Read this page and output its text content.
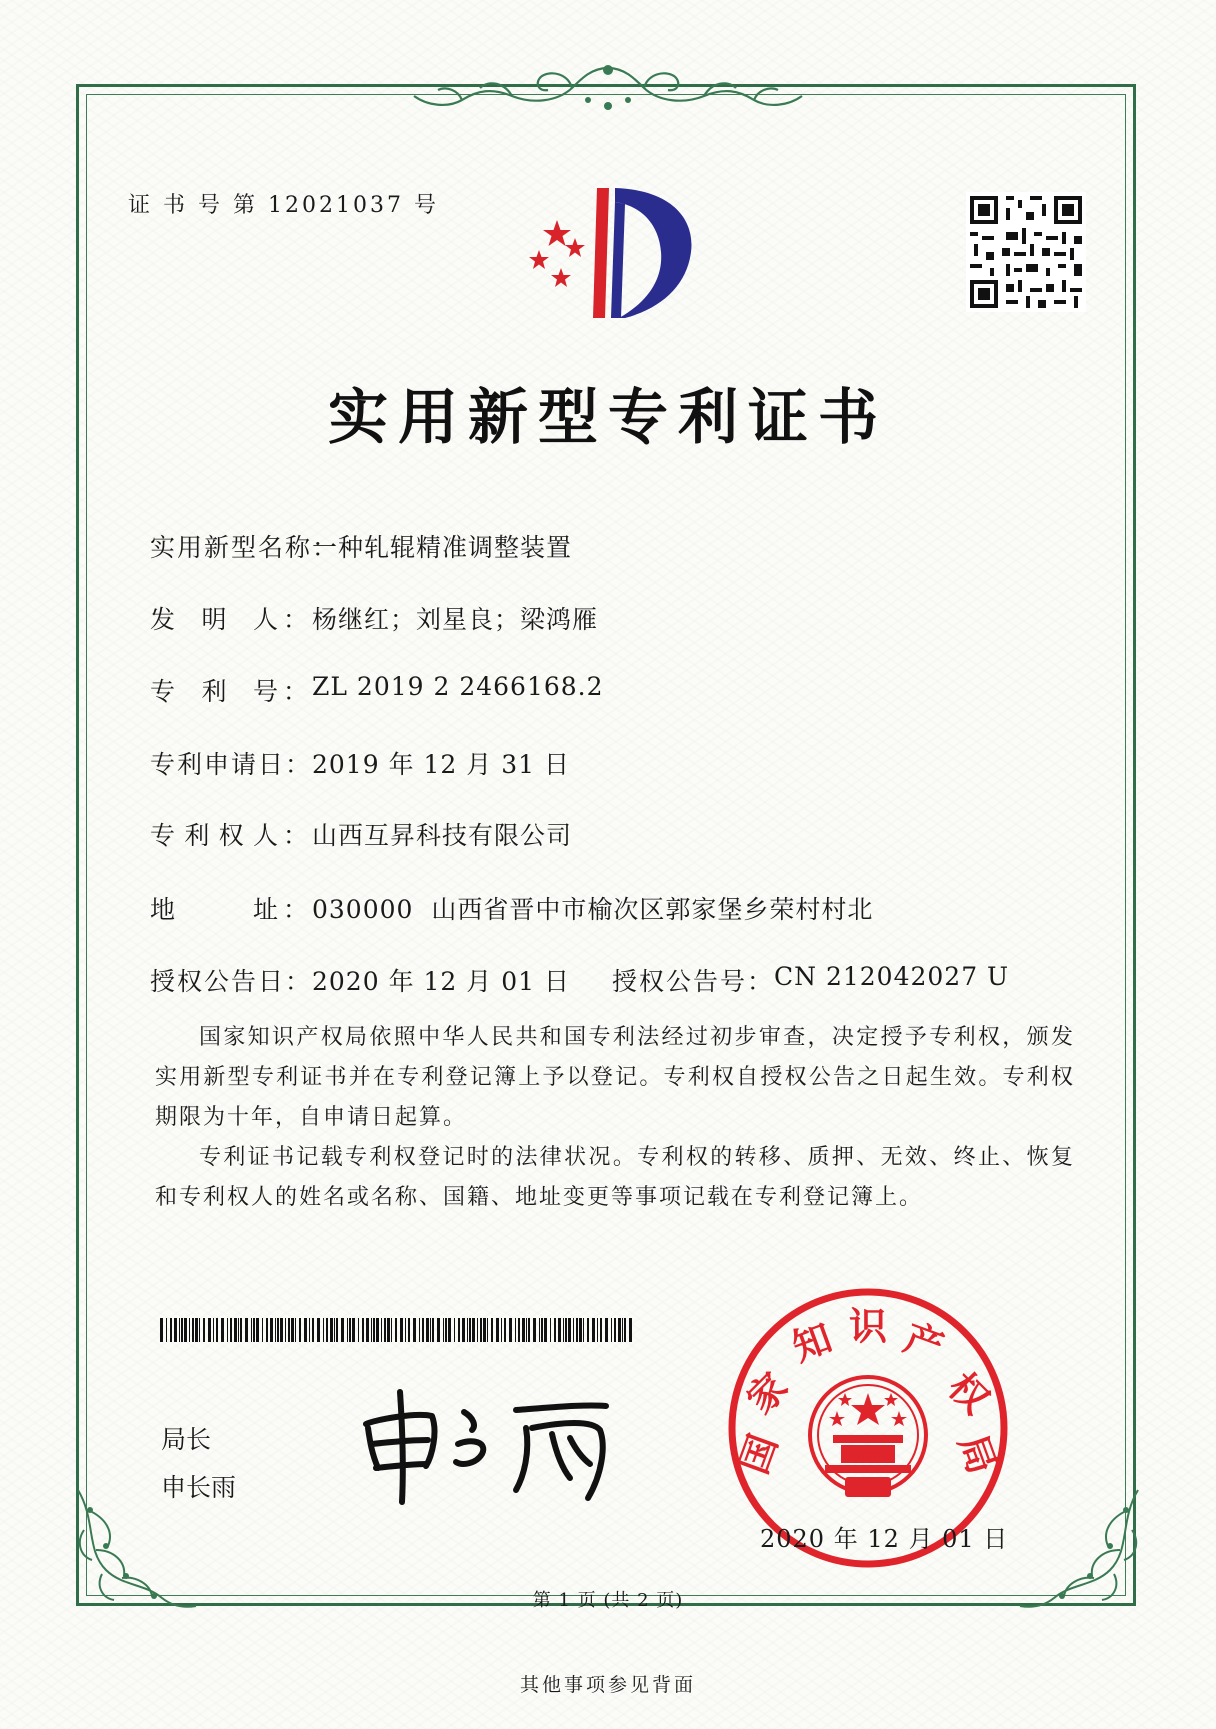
证 书 号 第 12021037 号
实用新型专利证书
实用新型名称：
一种轧辊精准调整装置
发 明 人 ： 杨继红；刘星良；梁鸿雁
专 利 号 ： ZL 2019 2 2466168.2
专利申请日： 2019 年 12 月 31 日
专 利 权 人 ： 山西互昇科技有限公司
地	址 ： 030000  山西省晋中市榆次区郭家堡乡荣村村北
授权公告日： 2020 年 12 月 01 日 授权公告号： CN 212042027 U

国家知识产权局依照中华人民共和国专利法经过初步审查，决定授予专利权，颁发实用新型专利证书并在专利登记簿上予以登记。专利权自授权公告之日起生效。专利权期限为十年，自申请日起算。

专利证书记载专利权登记时的法律状况。专利权的转移、质押、无效、终止、恢复和专利权人的姓名或名称、国籍、地址变更等事项记载在专利登记簿上。

局长
申长雨
国
家
知 识 产
权
局
2020 年 12 月 01 日
第 1 页 (共 2 页)
其他事项参见背面
